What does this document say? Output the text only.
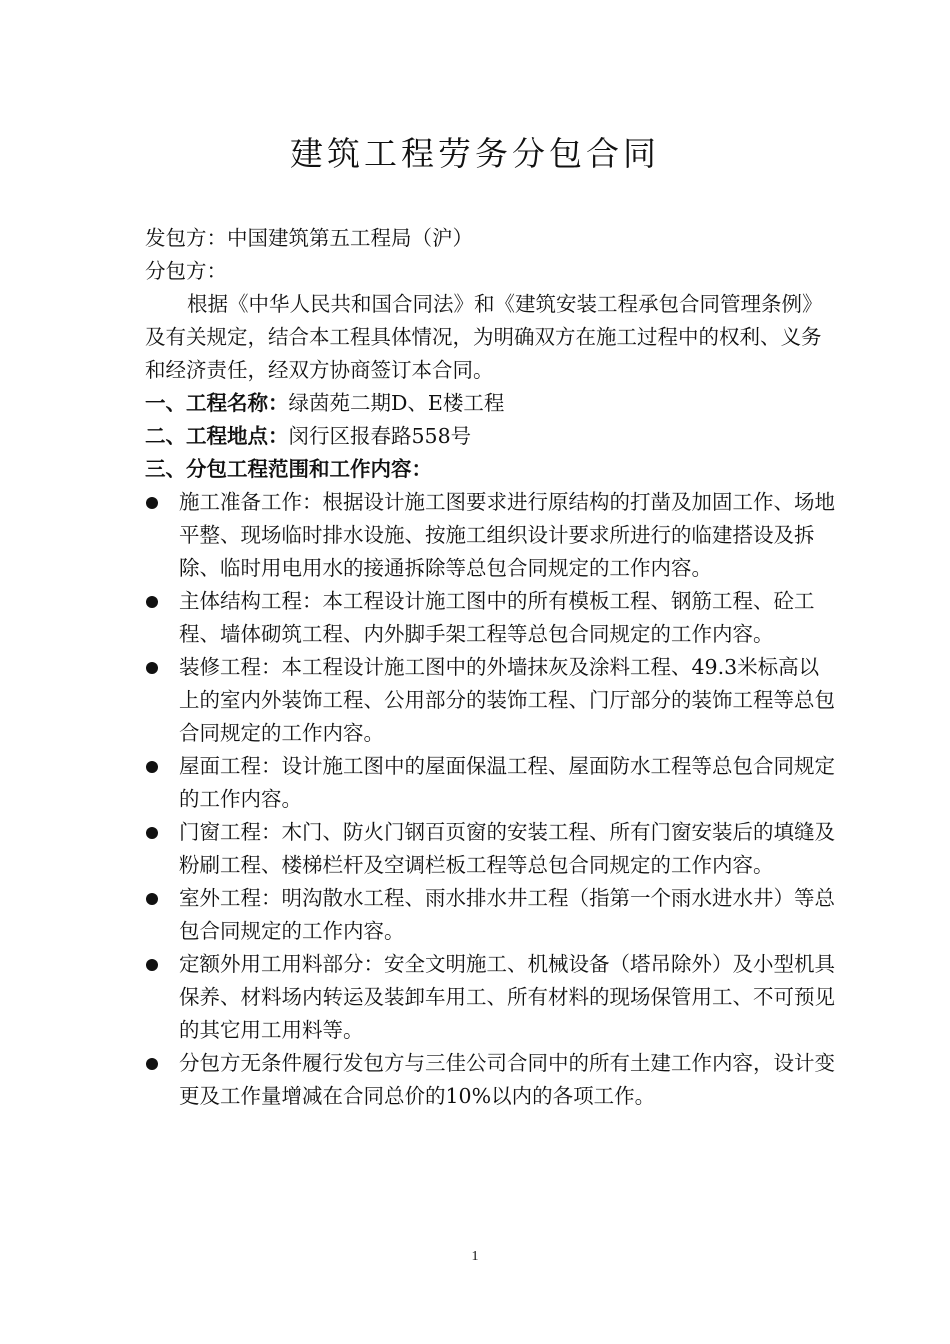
建筑工程劳务分包合同

发包方：中国建筑第五工程局（沪）

分包方：

根据《中华人民共和国合同法》和《建筑安装工程承包合同管理条例》及有关规定，结合本工程具体情况，为明确双方在施工过程中的权利、义务和经济责任，经双方协商签订本合同。

一、工程名称：绿茵苑二期D、E楼工程

二、工程地点：闵行区报春路558号

三、分包工程范围和工作内容：

施工准备工作：根据设计施工图要求进行原结构的打凿及加固工作、场地平整、现场临时排水设施、按施工组织设计要求所进行的临建搭设及拆除、临时用电用水的接通拆除等总包合同规定的工作内容。
主体结构工程：本工程设计施工图中的所有模板工程、钢筋工程、砼工程、墙体砌筑工程、内外脚手架工程等总包合同规定的工作内容。
装修工程：本工程设计施工图中的外墙抹灰及涂料工程、49.3米标高以上的室内外装饰工程、公用部分的装饰工程、门厅部分的装饰工程等总包合同规定的工作内容。
屋面工程：设计施工图中的屋面保温工程、屋面防水工程等总包合同规定的工作内容。
门窗工程：木门、防火门钢百页窗的安装工程、所有门窗安装后的填缝及粉刷工程、楼梯栏杆及空调栏板工程等总包合同规定的工作内容。
室外工程：明沟散水工程、雨水排水井工程（指第一个雨水进水井）等总包合同规定的工作内容。
定额外用工用料部分：安全文明施工、机械设备（塔吊除外）及小型机具保养、材料场内转运及装卸车用工、所有材料的现场保管用工、不可预见的其它用工用料等。
分包方无条件履行发包方与三佳公司合同中的所有土建工作内容，设计变更及工作量增减在合同总价的10%以内的各项工作。
1
